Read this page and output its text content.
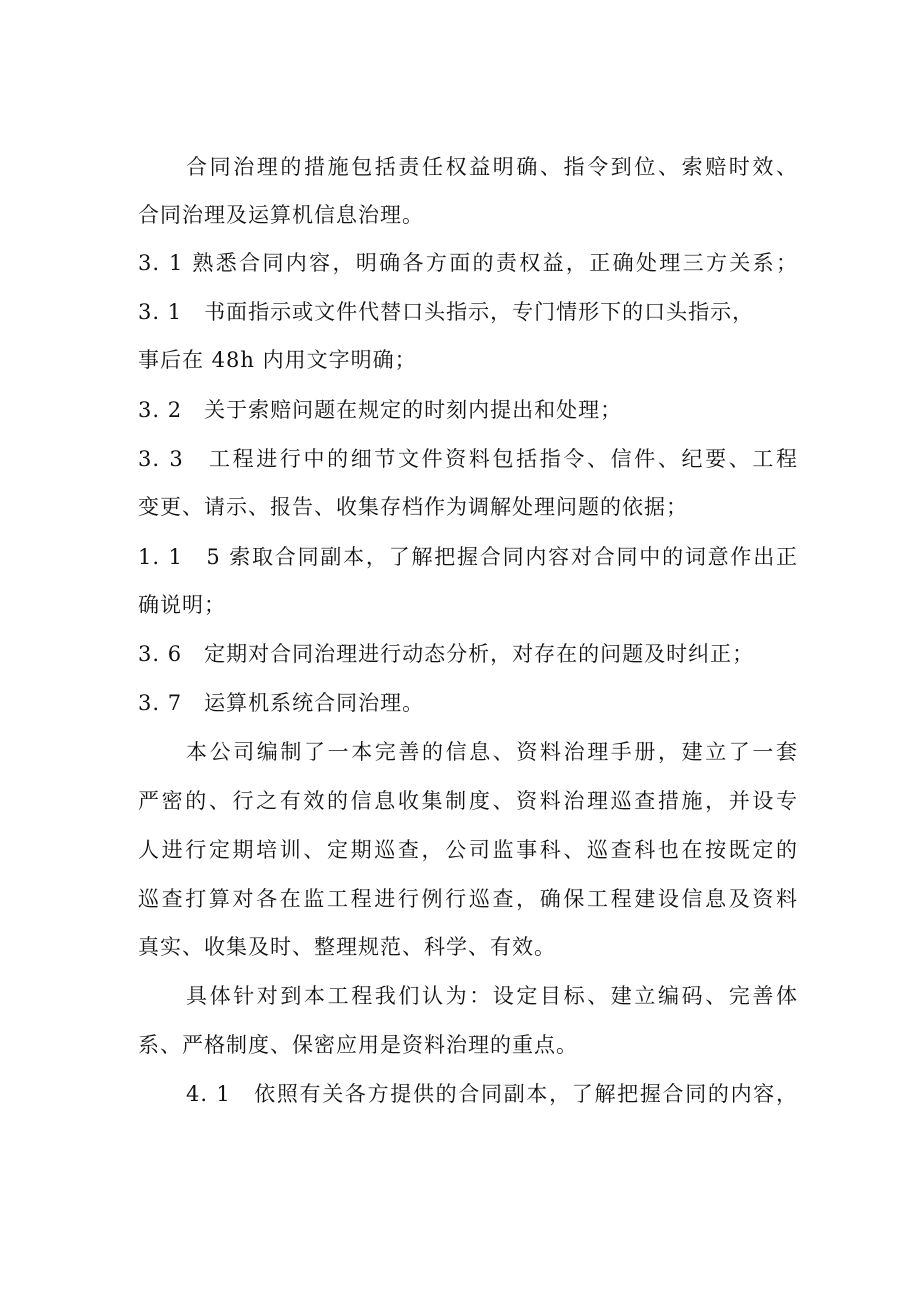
合同治理的措施包括责任权益明确、指令到位、索赔时效、
合同治理及运算机信息治理。
3. 1 熟悉合同内容，明确各方面的责权益，正确处理三方关系；
3. 1　书面指示或文件代替口头指示，专门情形下的口头指示，
事后在 48h 内用文字明确；
3. 2　关于索赔问题在规定的时刻内提出和处理；
3. 3　工程进行中的细节文件资料包括指令、信件、纪要、工程
变更、请示、报告、收集存档作为调解处理问题的依据；
1. 1　5 索取合同副本，了解把握合同内容对合同中的词意作出正
确说明；
3. 6　定期对合同治理进行动态分析，对存在的问题及时纠正；
3. 7　运算机系统合同治理。
本公司编制了一本完善的信息、资料治理手册，建立了一套
严密的、行之有效的信息收集制度、资料治理巡查措施，并设专
人进行定期培训、定期巡查，公司监事科、巡查科也在按既定的
巡查打算对各在监工程进行例行巡查，确保工程建设信息及资料
真实、收集及时、整理规范、科学、有效。
具体针对到本工程我们认为：设定目标、建立编码、完善体
系、严格制度、保密应用是资料治理的重点。
4. 1　依照有关各方提供的合同副本，了解把握合同的内容，
